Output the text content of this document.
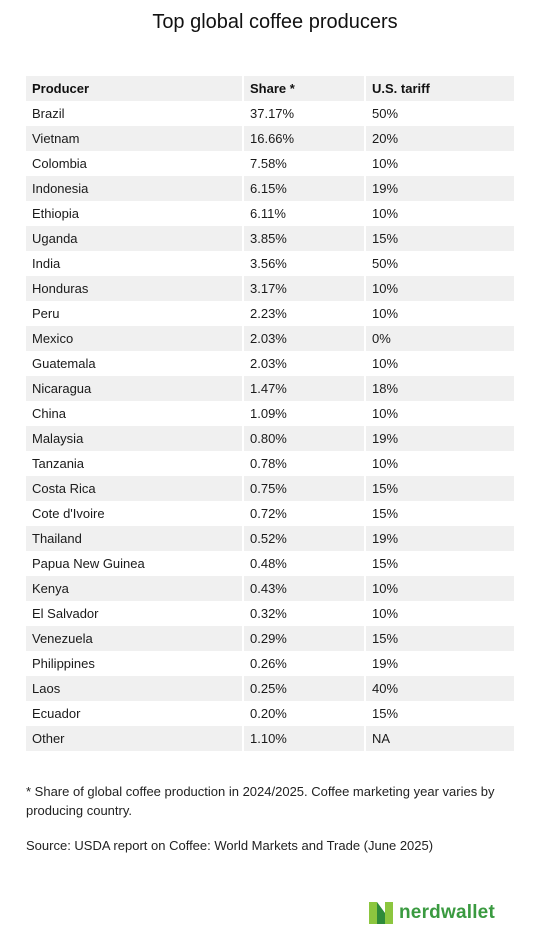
Top global coffee producers
Producer	Share *	U.S. tariff
Brazil	37.17%	50%
Vietnam	16.66%	20%
Colombia	7.58%	10%
Indonesia	6.15%	19%
Ethiopia	6.11%	10%
Uganda	3.85%	15%
India	3.56%	50%
Honduras	3.17%	10%
Peru	2.23%	10%
Mexico	2.03%	0%
Guatemala	2.03%	10%
Nicaragua	1.47%	18%
China	1.09%	10%
Malaysia	0.80%	19%
Tanzania	0.78%	10%
Costa Rica	0.75%	15%
Cote d'Ivoire	0.72%	15%
Thailand	0.52%	19%
Papua New Guinea	0.48%	15%
Kenya	0.43%	10%
El Salvador	0.32%	10%
Venezuela	0.29%	15%
Philippines	0.26%	19%
Laos	0.25%	40%
Ecuador	0.20%	15%
Other	1.10%	NA
* Share of global coffee production in 2024/2025. Coffee marketing year varies by producing country.
Source: USDA report on Coffee: World Markets and Trade (June 2025)
nerdwallet
